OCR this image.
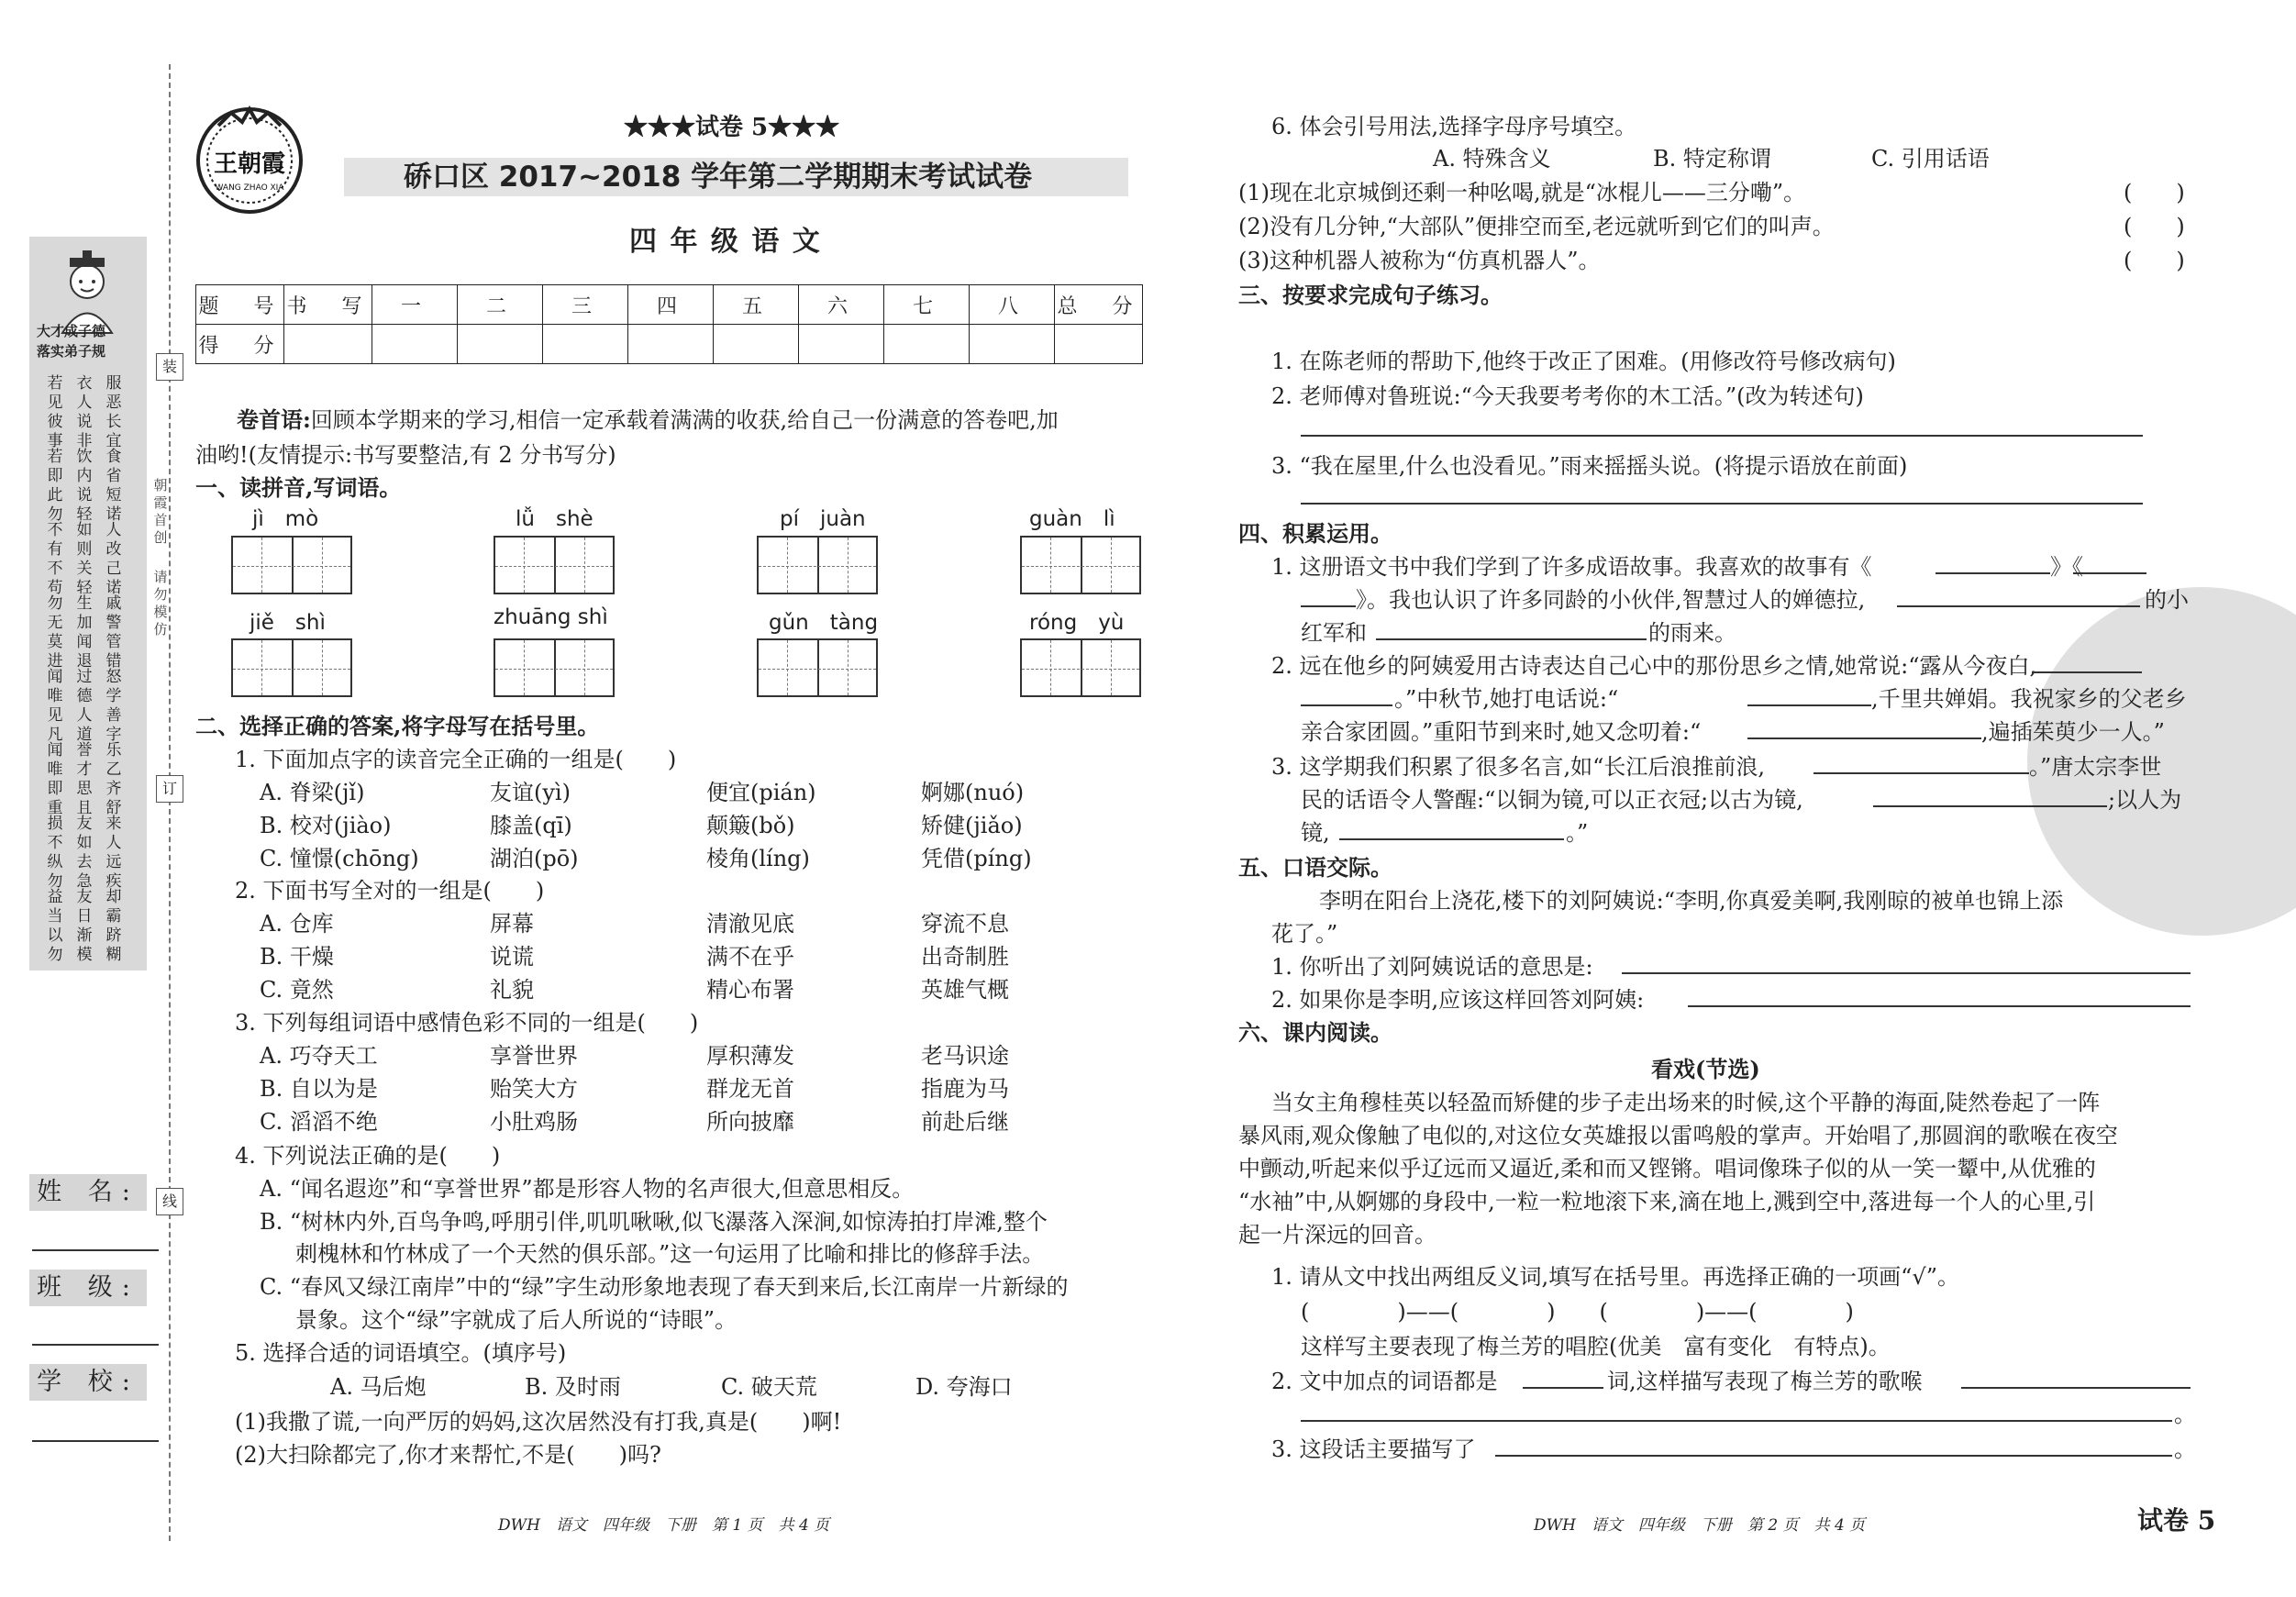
装
订
线
大才成子德
落实弟子规
若见彼事
衣人说非
服恶长宜
若即此勿
饮内说轻
食省短诺
不有不苟
如则关轻
人改己诺
勿无莫进
生加闻退
戚警管错
闻唯见凡
过德人道
怒学善字
闻唯即重
誉才思且
乐乙齐舒
损不纵勿
友如去急
来人远疾
益当以勿
友日渐模
却霸跻糊
朝霞首创
请勿模仿
姓 名:
班 级:
学 校:
王朝霞
WANG ZHAO XIA
★★★试卷 5★★★
硚口区 2017~2018 学年第二学期期末考试试卷
四 年 级 语 文
题　号	书　写	一	二	三	四	五	六	七	八	总　分
得　分										
卷首语:回顾本学期来的学习,相信一定承载着满满的收获,给自己一份满意的答卷吧,加
油哟!(友情提示:书写要整洁,有 2 分书写分)
一、读拼音,写词语。
jì　mò	lǚ　shè	pí　juàn	guàn　lì
jiě　shì	zhuāng shì	gǔn　tàng	róng　yù
二、选择正确的答案,将字母写在括号里。
1. 下面加点字的读音完全正确的一组是(　　)
A. 脊梁(jǐ)	友谊(yì)	便宜(pián)	婀娜(nuó)
B. 校对(jiào)	膝盖(qī)	颠簸(bǒ)	矫健(jiǎo)
C. 憧憬(chōng)	湖泊(pō)	棱角(líng)	凭借(píng)
2. 下面书写全对的一组是(　　)
A. 仓库	屏幕	清澈见底	穿流不息
B. 干燥	说谎	满不在乎	出奇制胜
C. 竟然	礼貌	精心布署	英雄气概
3. 下列每组词语中感情色彩不同的一组是(　　)
A. 巧夺天工	享誉世界	厚积薄发	老马识途
B. 自以为是	贻笑大方	群龙无首	指鹿为马
C. 滔滔不绝	小肚鸡肠	所向披靡	前赴后继
4. 下列说法正确的是(　　)
A. “闻名遐迩”和“享誉世界”都是形容人物的名声很大,但意思相反。
B. “树林内外,百鸟争鸣,呼朋引伴,叽叽啾啾,似飞瀑落入深涧,如惊涛拍打岸滩,整个
刺槐林和竹林成了一个天然的俱乐部。”这一句运用了比喻和排比的修辞手法。
C. “春风又绿江南岸”中的“绿”字生动形象地表现了春天到来后,长江南岸一片新绿的
景象。这个“绿”字就成了后人所说的“诗眼”。
5. 选择合适的词语填空。(填序号)
A. 马后炮	B. 及时雨	C. 破天荒	D. 夸海口
(1)我撒了谎,一向严厉的妈妈,这次居然没有打我,真是(　　)啊!
(2)大扫除都完了,你才来帮忙,不是(　　)吗?
DWH　语文　四年级　下册　第 1 页　共 4 页
6. 体会引号用法,选择字母序号填空。
A. 特殊含义	B. 特定称谓	C. 引用话语
(1)现在北京城倒还剩一种吆喝,就是“冰棍儿——三分嘞”。
(2)没有几分钟,“大部队”便排空而至,老远就听到它们的叫声。
(3)这种机器人被称为“仿真机器人”。
(　　)
(　　)
(　　)
三、按要求完成句子练习。
1. 在陈老师的帮助下,他终于改正了困难。(用修改符号修改病句)
2. 老师傅对鲁班说:“今天我要考考你的木工活。”(改为转述句)
3. “我在屋里,什么也没看见。”雨来摇摇头说。(将提示语放在前面)
四、积累运用。
1. 这册语文书中我们学到了许多成语故事。我喜欢的故事有《	》《
》。我也认识了许多同龄的小伙伴,智慧过人的婵德拉,	的小
红军和	的雨来。
2. 远在他乡的阿姨爱用古诗表达自己心中的那份思乡之情,她常说:“露从今夜白,
。”中秋节,她打电话说:“	,千里共婵娟。我祝家乡的父老乡
亲合家团圆。”重阳节到来时,她又念叨着:“	,遍插茱萸少一人。”
3. 这学期我们积累了很多名言,如“长江后浪推前浪,	。”唐太宗李世
民的话语令人警醒:“以铜为镜,可以正衣冠;以古为镜,	;以人为
镜,	。”
五、口语交际。
李明在阳台上浇花,楼下的刘阿姨说:“李明,你真爱美啊,我刚晾的被单也锦上添
花了。”
1. 你听出了刘阿姨说话的意思是:
2. 如果你是李明,应该这样回答刘阿姨:
六、课内阅读。
看戏(节选)
当女主角穆桂英以轻盈而矫健的步子走出场来的时候,这个平静的海面,陡然卷起了一阵
暴风雨,观众像触了电似的,对这位女英雄报以雷鸣般的掌声。开始唱了,那圆润的歌喉在夜空
中颤动,听起来似乎辽远而又逼近,柔和而又铿锵。唱词像珠子似的从一笑一颦中,从优雅的
“水袖”中,从婀娜的身段中,一粒一粒地滚下来,滴在地上,溅到空中,落进每一个人的心里,引
起一片深远的回音。
1. 请从文中找出两组反义词,填写在括号里。再选择正确的一项画“√”。
(　　　　)——(　　　　)　　(　　　　)——(　　　　)
这样写主要表现了梅兰芳的唱腔(优美　富有变化　有特点)。
2. 文中加点的词语都是	词,这样描写表现了梅兰芳的歌喉
。
3. 这段话主要描写了	。
DWH　语文　四年级　下册　第 2 页　共 4 页	试卷 5
